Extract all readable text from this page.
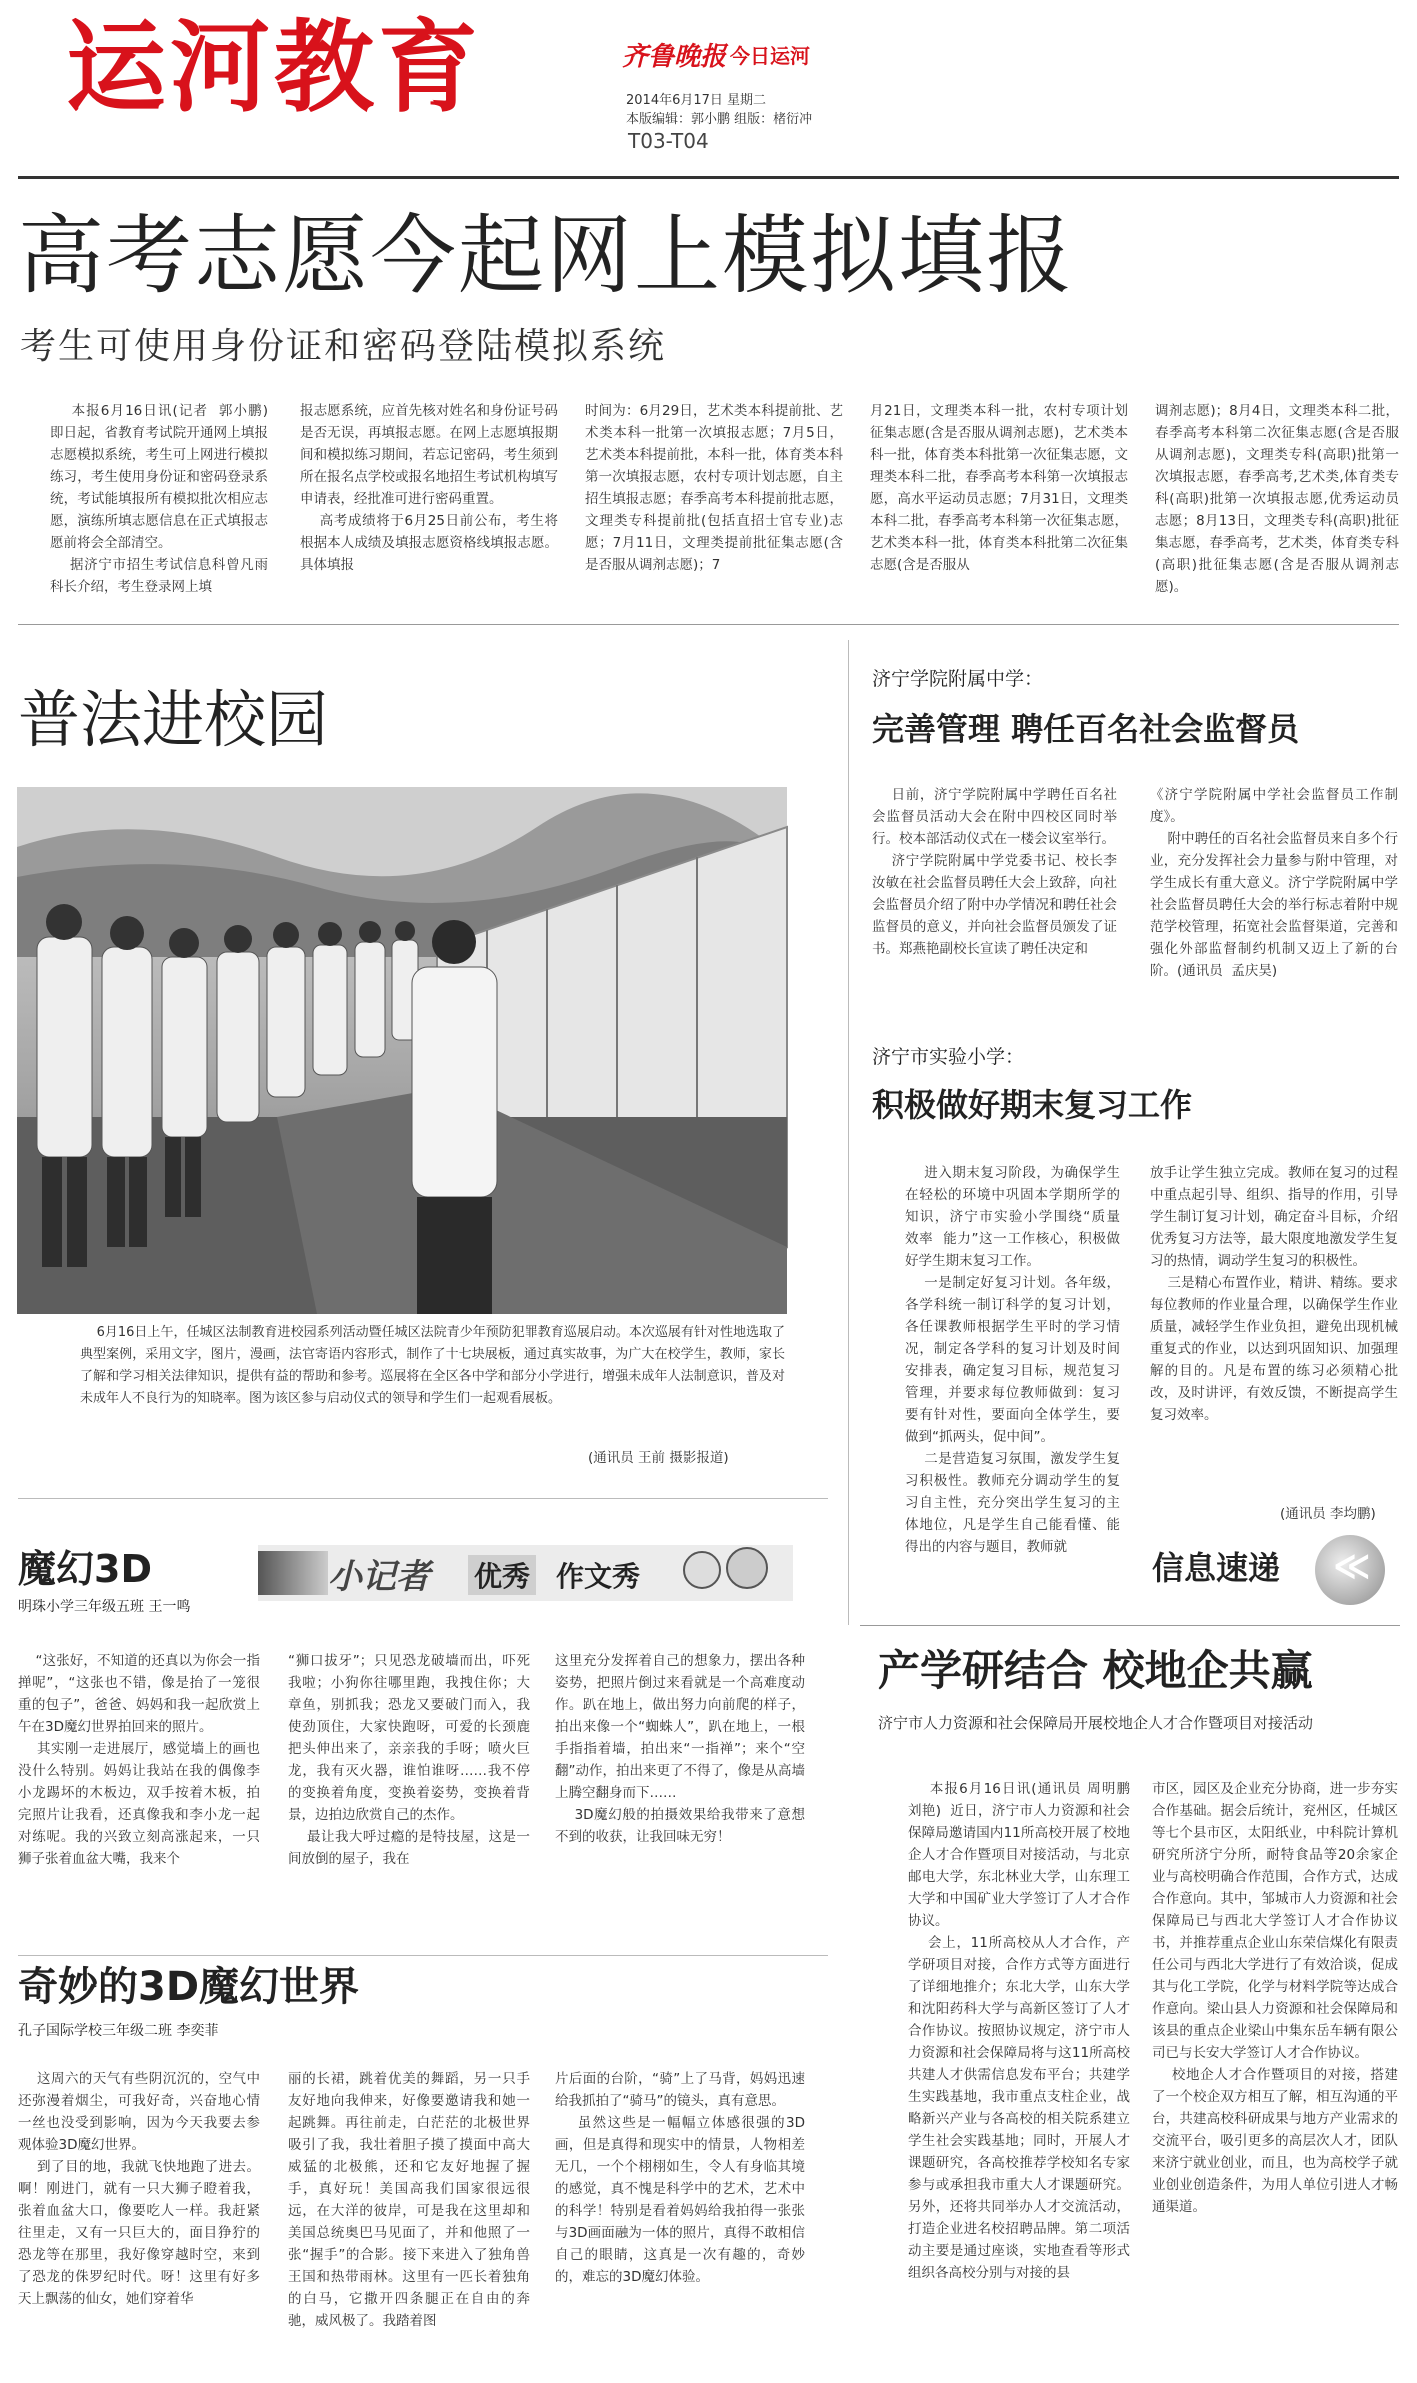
运河教育	齐鲁晚报 今日运河
2014年6月17日 星期二
本版编辑：郭小鹏 组版：楮衍冲
T03-T04
高考志愿今起网上模拟填报
考生可使用身份证和密码登陆模拟系统
本报6月16日讯(记者  郭小鹏)  即日起，省教育考试院开通网上填报志愿模拟系统，考生可上网进行模拟练习，考生使用身份证和密码登录系统，考试能填报所有模拟批次相应志愿，演练所填志愿信息在正式填报志愿前将会全部清空。
据济宁市招生考试信息科曾凡雨科长介绍，考生登录网上填
报志愿系统，应首先核对姓名和身份证号码是否无误，再填报志愿。在网上志愿填报期间和模拟练习期间，若忘记密码，考生须到所在报名点学校或报名地招生考试机构填写申请表，经批准可进行密码重置。
高考成绩将于6月25日前公布，考生将根据本人成绩及填报志愿资格线填报志愿。具体填报
时间为：6月29日，艺术类本科提前批、艺术类本科一批第一次填报志愿；7月5日，艺术类本科提前批，本科一批，体育类本科第一次填报志愿，农村专项计划志愿，自主招生填报志愿；春季高考本科提前批志愿，文理类专科提前批(包括直招士官专业)志愿；7月11日，文理类提前批征集志愿(含是否服从调剂志愿)；7
月21日，文理类本科一批，农村专项计划征集志愿(含是否服从调剂志愿)，艺术类本科一批，体育类本科批第一次征集志愿，文理类本科二批，春季高考本科第一次填报志愿，高水平运动员志愿；7月31日，文理类本科二批，春季高考本科第一次征集志愿，艺术类本科一批，体育类本科批第二次征集志愿(含是否服从
调剂志愿)；8月4日，文理类本科二批，春季高考本科第二次征集志愿(含是否服从调剂志愿)，文理类专科(高职)批第一次填报志愿，春季高考,艺术类,体育类专科(高职)批第一次填报志愿,优秀运动员志愿；8月13日，文理类专科(高职)批征集志愿，春季高考，艺术类，体育类专科(高职)批征集志愿(含是否服从调剂志愿)。
普法进校园
6月16日上午，任城区法制教育进校园系列活动暨任城区法院青少年预防犯罪教育巡展启动。本次巡展有针对性地选取了典型案例，采用文字，图片，漫画，法官寄语内容形式，制作了十七块展板，通过真实故事，为广大在校学生，教师，家长了解和学习相关法律知识，提供有益的帮助和参考。巡展将在全区各中学和部分小学进行，增强未成年人法制意识，普及对未成年人不良行为的知晓率。图为该区参与启动仪式的领导和学生们一起观看展板。
(通讯员 王前 摄影报道)
济宁学院附属中学：
完善管理 聘任百名社会监督员
日前，济宁学院附属中学聘任百名社会监督员活动大会在附中四校区同时举行。校本部活动仪式在一楼会议室举行。
济宁学院附属中学党委书记、校长李汝敏在社会监督员聘任大会上致辞，向社会监督员介绍了附中办学情况和聘任社会监督员的意义，并向社会监督员颁发了证书。郑燕艳副校长宣读了聘任决定和
《济宁学院附属中学社会监督员工作制度》。
附中聘任的百名社会监督员来自多个行业，充分发挥社会力量参与附中管理，对学生成长有重大意义。济宁学院附属中学社会监督员聘任大会的举行标志着附中规范学校管理，拓宽社会监督渠道，完善和强化外部监督制约机制又迈上了新的台阶。(通讯员  孟庆昊)
济宁市实验小学：
积极做好期末复习工作
进入期末复习阶段，为确保学生在轻松的环境中巩固本学期所学的知识，济宁市实验小学围绕“质量  效率  能力”这一工作核心，积极做好学生期末复习工作。
一是制定好复习计划。各年级，各学科统一制订科学的复习计划，各任课教师根据学生平时的学习情况，制定各学科的复习计划及时间安排表，确定复习目标，规范复习管理，并要求每位教师做到：复习要有针对性，要面向全体学生，要做到“抓两头，促中间”。
二是营造复习氛围，激发学生复习积极性。教师充分调动学生的复习自主性，充分突出学生复习的主体地位，凡是学生自己能看懂、能得出的内容与题目，教师就
放手让学生独立完成。教师在复习的过程中重点起引导、组织、指导的作用，引导学生制订复习计划，确定奋斗目标，介绍优秀复习方法等，最大限度地激发学生复习的热情，调动学生复习的积极性。
三是精心布置作业，精讲、精练。要求每位教师的作业量合理，以确保学生作业质量，减轻学生作业负担，避免出现机械重复式的作业，以达到巩固知识、加强理解的目的。凡是布置的练习必须精心批改，及时讲评，有效反馈，不断提高学生复习效率。
(通讯员 李均鹏)
信息速递 ≪
魔幻3D
明珠小学三年级五班 王一鸣
小记者 优秀 作文秀
“这张好，不知道的还真以为你会一指掸呢”，“这张也不错，像是抬了一笼很重的包子”，爸爸、妈妈和我一起欣赏上午在3D魔幻世界拍回来的照片。
其实刚一走进展厅，感觉墙上的画也没什么特别。妈妈让我站在我的偶像李小龙踢坏的木板边，双手按着木板，拍完照片让我看，还真像我和李小龙一起对练呢。我的兴致立刻高涨起来，一只狮子张着血盆大嘴，我来个
“狮口拔牙”；只见恐龙破墙而出，吓死我啦；小狗你往哪里跑，我拽住你；大章鱼，别抓我；恐龙又要破门而入，我使劲顶住，大家快跑呀，可爱的长颈鹿把头伸出来了，亲亲我的手呀；喷火巨龙，我有灭火器，谁怕谁呀……我不停的变换着角度，变换着姿势，变换着背景，边拍边欣赏自己的杰作。
最让我大呼过瘾的是特技屋，这是一间放倒的屋子，我在
这里充分发挥着自己的想象力，摆出各种姿势，把照片倒过来看就是一个高难度动作。趴在地上，做出努力向前爬的样子，拍出来像一个“蜘蛛人”，趴在地上，一根手指指着墙，拍出来“一指禅”；来个“空翻”动作，拍出来更了不得了，像是从高墙上腾空翻身而下……
3D魔幻般的拍摄效果给我带来了意想不到的收获，让我回味无穷！
奇妙的3D魔幻世界
孔子国际学校三年级二班 李奕菲
这周六的天气有些阴沉沉的，空气中还弥漫着烟尘，可我好奇，兴奋地心情一丝也没受到影响，因为今天我要去参观体验3D魔幻世界。
到了目的地，我就飞快地跑了进去。啊！刚进门，就有一只大狮子瞪着我，张着血盆大口，像要吃人一样。我赶紧往里走，又有一只巨大的，面目狰狞的恐龙等在那里，我好像穿越时空，来到了恐龙的侏罗纪时代。呀！这里有好多天上飘荡的仙女，她们穿着华
丽的长裙，跳着优美的舞蹈，另一只手友好地向我伸来，好像要邀请我和她一起跳舞。再往前走，白茫茫的北极世界吸引了我，我壮着胆子摸了摸面中高大威猛的北极熊，还和它友好地握了握手，真好玩！美国高我们国家很远很远，在大洋的彼岸，可是我在这里却和美国总统奥巴马见面了，并和他照了一张“握手”的合影。接下来进入了独角兽王国和热带雨林。这里有一匹长着独角的白马，它撒开四条腿正在自由的奔驰，威风极了。我踏着图
片后面的台阶，“骑”上了马背，妈妈迅速给我抓拍了“骑马”的镜头，真有意思。
虽然这些是一幅幅立体感很强的3D画，但是真得和现实中的情景，人物相差无几，一个个栩栩如生，令人有身临其境的感觉，真不愧是科学中的艺术，艺术中的科学！特别是看着妈妈给我拍得一张张与3D画面融为一体的照片，真得不敢相信自己的眼睛，这真是一次有趣的，奇妙的，难忘的3D魔幻体验。
产学研结合 校地企共赢
济宁市人力资源和社会保障局开展校地企人才合作暨项目对接活动
本报6月16日讯(通讯员 周明鹏  刘艳)  近日，济宁市人力资源和社会保障局邀请国内11所高校开展了校地企人才合作暨项目对接活动，与北京邮电大学，东北林业大学，山东理工大学和中国矿业大学签订了人才合作协议。
会上，11所高校从人才合作，产学研项目对接，合作方式等方面进行了详细地推介；东北大学，山东大学和沈阳药科大学与高新区签订了人才合作协议。按照协议规定，济宁市人力资源和社会保障局将与这11所高校共建人才供需信息发布平台；共建学生实践基地，我市重点支柱企业，战略新兴产业与各高校的相关院系建立学生社会实践基地；同时，开展人才课题研究，各高校推荐学校知名专家参与或承担我市重大人才课题研究。另外，还将共同举办人才交流活动，打造企业进名校招聘品牌。第二项活动主要是通过座谈，实地查看等形式组织各高校分别与对接的县
市区，园区及企业充分协商，进一步夯实合作基础。据会后统计，兖州区，任城区等七个县市区，太阳纸业，中科院计算机研究所济宁分所，耐特食品等20余家企业与高校明确合作范围，合作方式，达成合作意向。其中，邹城市人力资源和社会保障局已与西北大学签订人才合作协议书，并推荐重点企业山东荣信煤化有限责任公司与西北大学进行了有效洽谈，促成其与化工学院，化学与材料学院等达成合作意向。梁山县人力资源和社会保障局和该县的重点企业梁山中集东岳车辆有限公司已与长安大学签订人才合作协议。
校地企人才合作暨项目的对接，搭建了一个校企双方相互了解，相互沟通的平台，共建高校科研成果与地方产业需求的交流平台，吸引更多的高层次人才，团队来济宁就业创业，而且，也为高校学子就业创业创造条件，为用人单位引进人才畅通渠道。
